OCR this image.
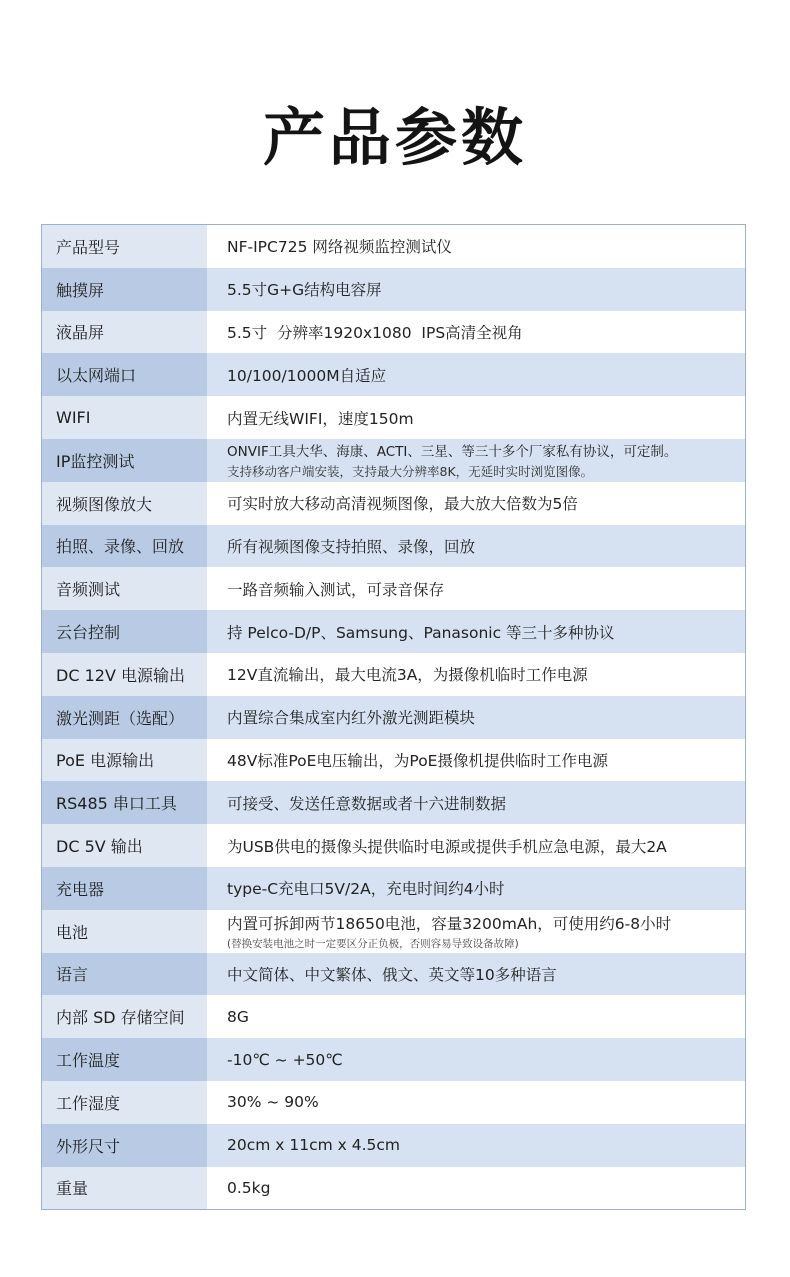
产品参数
产品型号	NF-IPC725 网络视频监控测试仪
触摸屏	5.5寸G+G结构电容屏
液晶屏	5.5寸  分辨率1920x1080  IPS高清全视角
以太网端口	10/100/1000M自适应
WIFI	内置无线WIFI，速度150m
IP监控测试	ONVIF工具大华、海康、ACTI、三星、等三十多个厂家私有协议，可定制。
支持移动客户端安装，支持最大分辨率8K，无延时实时浏览图像。
视频图像放大	可实时放大移动高清视频图像，最大放大倍数为5倍
拍照、录像、回放	所有视频图像支持拍照、录像，回放
音频测试	一路音频输入测试，可录音保存
云台控制	持 Pelco-D/P、Samsung、Panasonic 等三十多种协议
DC 12V 电源输出	12V直流输出，最大电流3A，为摄像机临时工作电源
激光测距（选配）	内置综合集成室内红外激光测距模块
PoE 电源输出	48V标准PoE电压输出，为PoE摄像机提供临时工作电源
RS485 串口工具	可接受、发送任意数据或者十六进制数据
DC 5V 输出	为USB供电的摄像头提供临时电源或提供手机应急电源，最大2A
充电器	type-C充电口5V/2A，充电时间约4小时
电池	内置可拆卸两节18650电池，容量3200mAh，可使用约6-8小时
(替换安装电池之时一定要区分正负极，否则容易导致设备故障)
语言	中文简体、中文繁体、俄文、英文等10多种语言
内部 SD 存储空间	8G
工作温度	-10℃ ~ +50℃
工作湿度	30% ~ 90%
外形尺寸	20cm x 11cm x 4.5cm
重量	0.5kg
